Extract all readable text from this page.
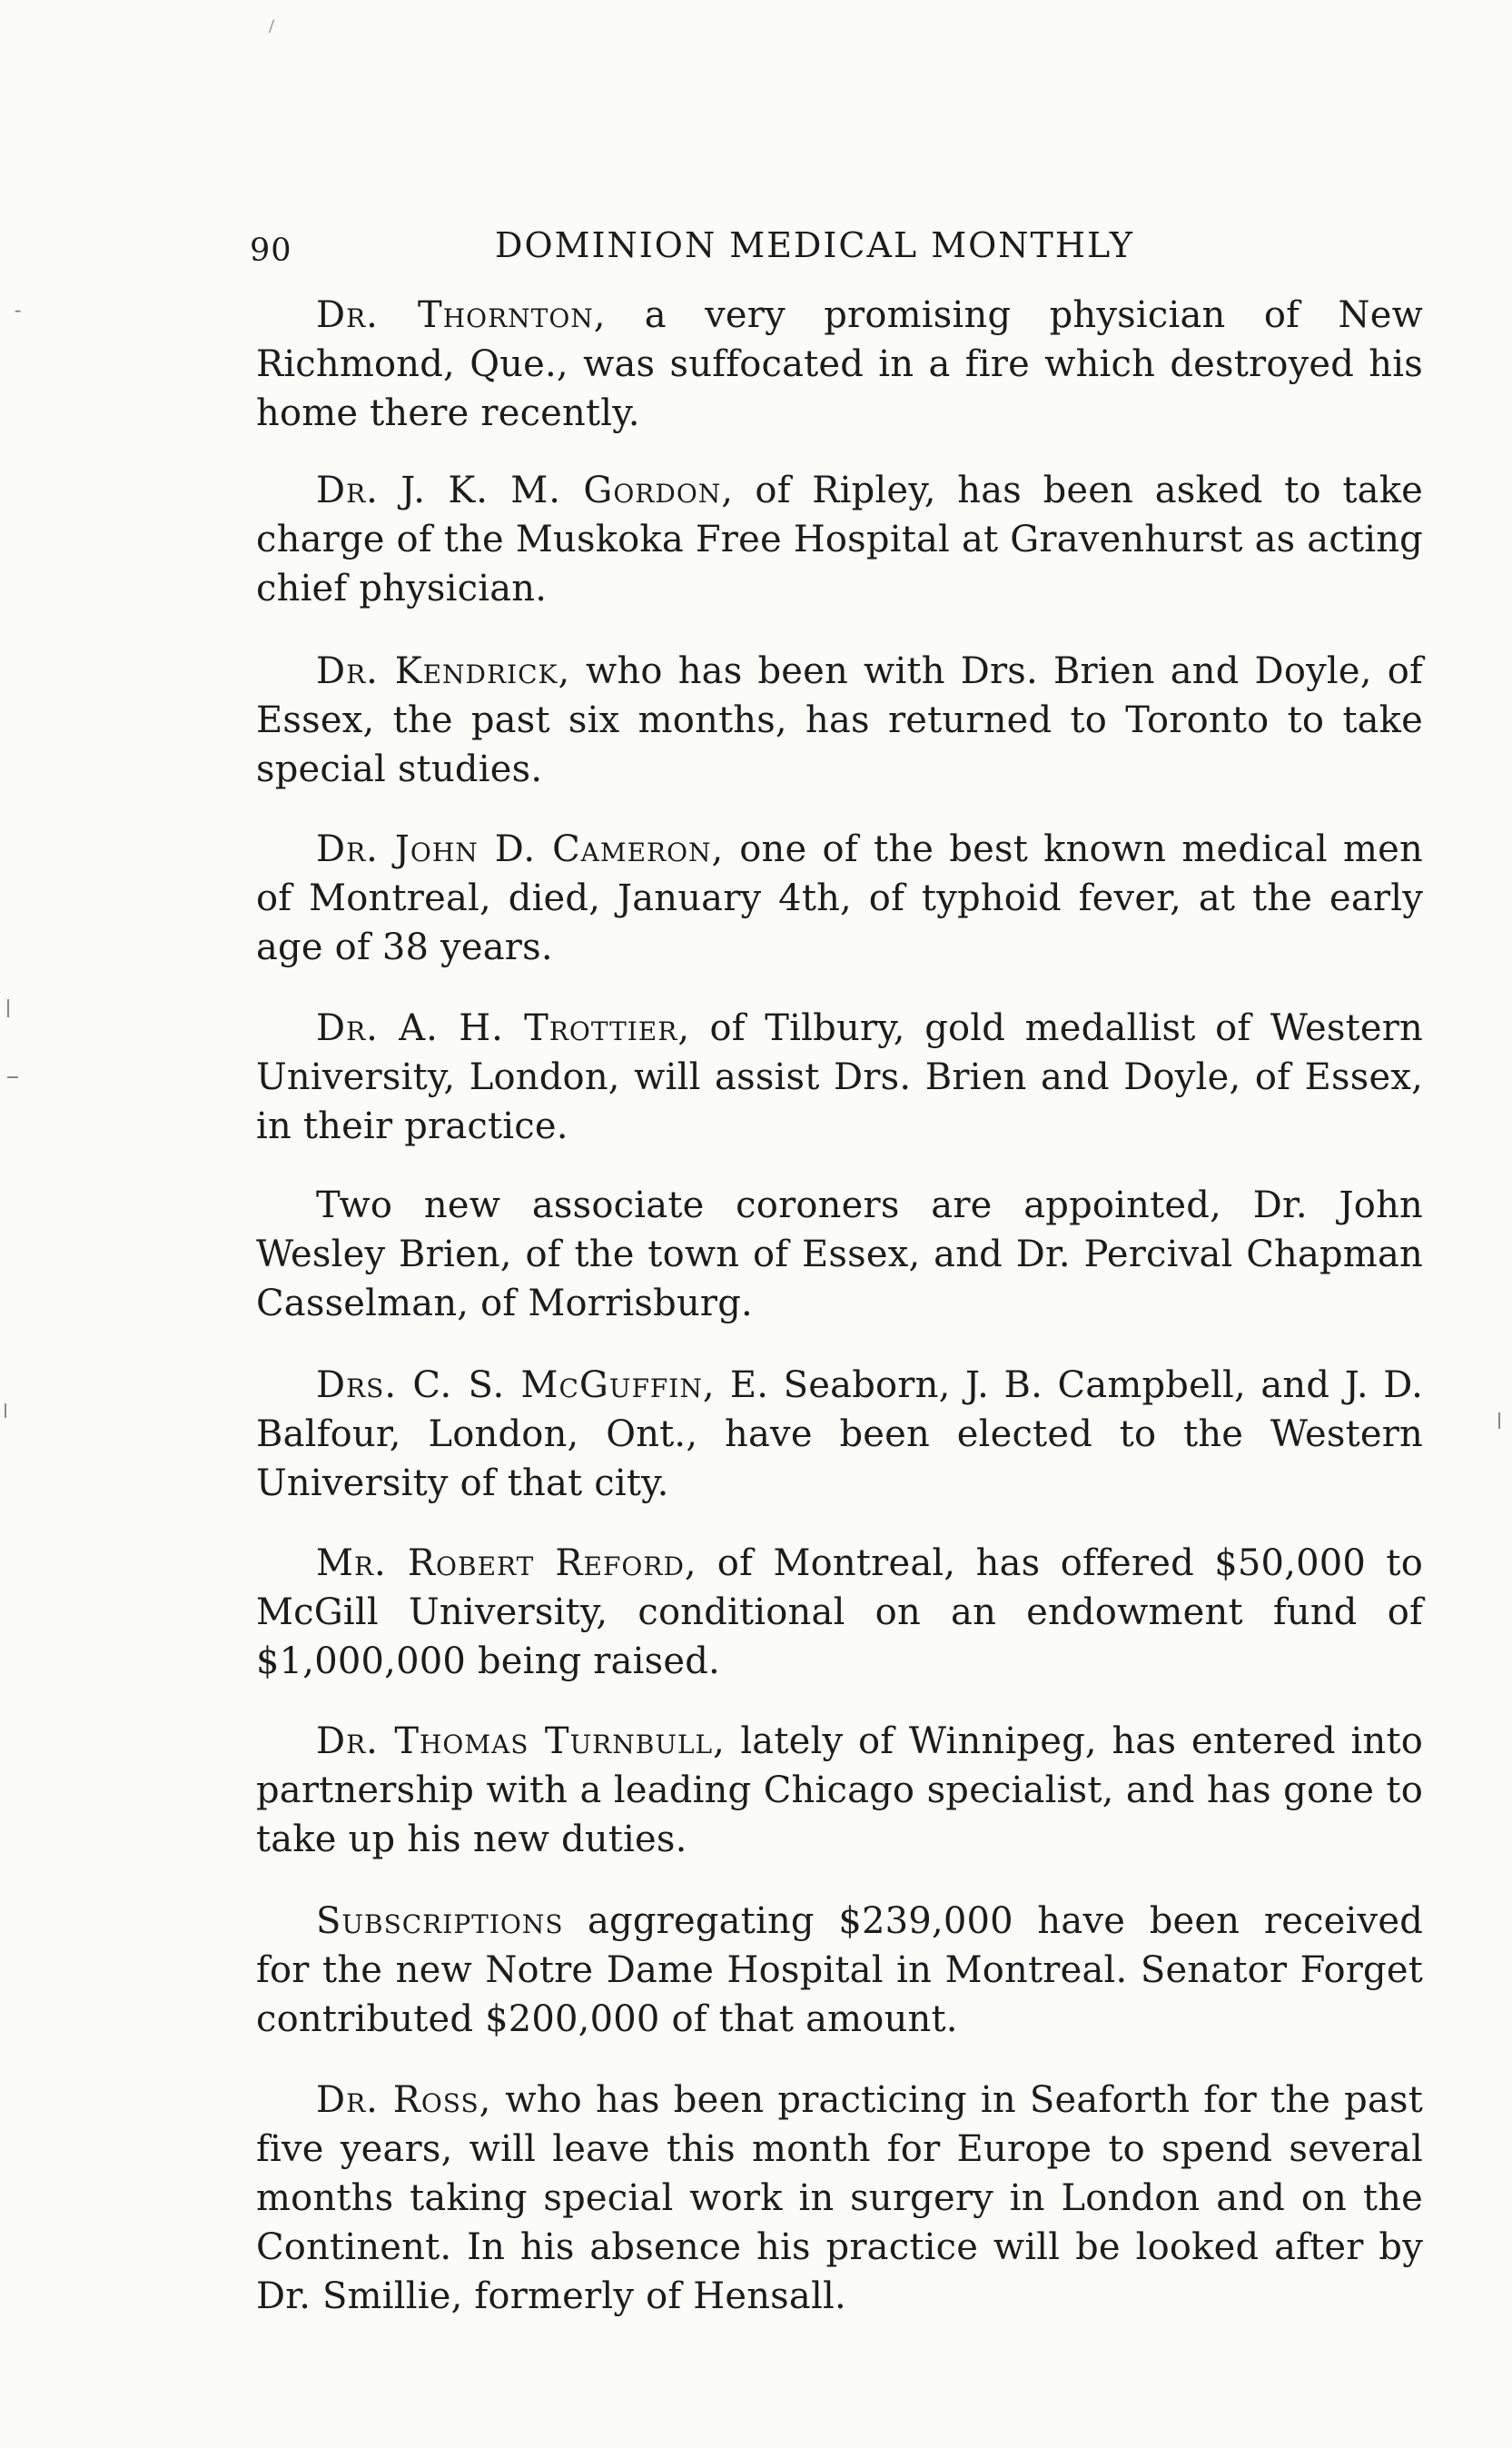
90	DOMINION MEDICAL MONTHLY
/
-	Dr. Thornton, a very promising physician of New Richmond, Que., was suffocated in a fire which destroyed his home there recently.

Dr. J. K. M. Gordon, of Ripley, has been asked to take charge of the Muskoka Free Hospital at Gravenhurst as acting chief physician.

Dr. Kendrick, who has been with Drs. Brien and Doyle, of Essex, the past six months, has returned to Toronto to take special studies.

Dr. John D. Cameron, one of the best known medical men of Montreal, died, January 4th, of typhoid fever, at the early age of 38 years.

Dr. A. H. Trottier, of Tilbury, gold medallist of Western University, London, will assist Drs. Brien and Doyle, of Essex, in their practice.

Two new associate coroners are appointed, Dr. John Wesley Brien, of the town of Essex, and Dr. Percival Chapman Casselman, of Morrisburg.

Drs. C. S. McGuffin, E. Seaborn, J. B. Campbell, and J. D. Balfour, London, Ont., have been elected to the Western University of that city.

Mr. Robert Reford, of Montreal, has offered $50,000 to McGill University, conditional on an endowment fund of $1,000,000 being raised.

Dr. Thomas Turnbull, lately of Winnipeg, has entered into partnership with a leading Chicago specialist, and has gone to take up his new duties.

Subscriptions aggregating $239,000 have been received for the new Notre Dame Hospital in Montreal. Senator Forget contributed $200,000 of that amount.

Dr. Ross, who has been practicing in Seaforth for the past five years, will leave this month for Europe to spend several months taking special work in surgery in London and on the Continent. In his absence his practice will be looked after by Dr. Smillie, formerly of Hensall.
